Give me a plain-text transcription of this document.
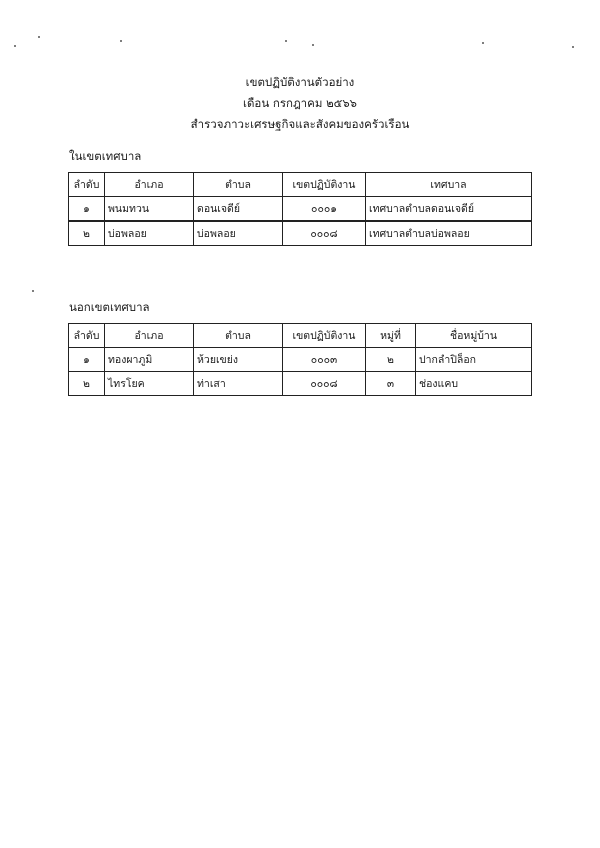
เขตปฏิบัติงานตัวอย่าง
เดือน กรกฎาคม ๒๕๖๖
สำรวจภาวะเศรษฐกิจและสังคมของครัวเรือน
ในเขตเทศบาล
ลำดับ	อำเภอ	ตำบล	เขตปฏิบัติงาน	เทศบาล
๑	พนมทวน	ดอนเจดีย์	๐๐๐๑	เทศบาลตำบลดอนเจดีย์
๒	บ่อพลอย	บ่อพลอย	๐๐๐๘	เทศบาลตำบลบ่อพลอย
นอกเขตเทศบาล
ลำดับ	อำเภอ	ตำบล	เขตปฏิบัติงาน	หมู่ที่	ชื่อหมู่บ้าน
๑	ทองผาภูมิ	ห้วยเขย่ง	๐๐๐๓	๒	ปากลำปิล็อก
๒	ไทรโยค	ท่าเสา	๐๐๐๘	๓	ช่องแคบ
